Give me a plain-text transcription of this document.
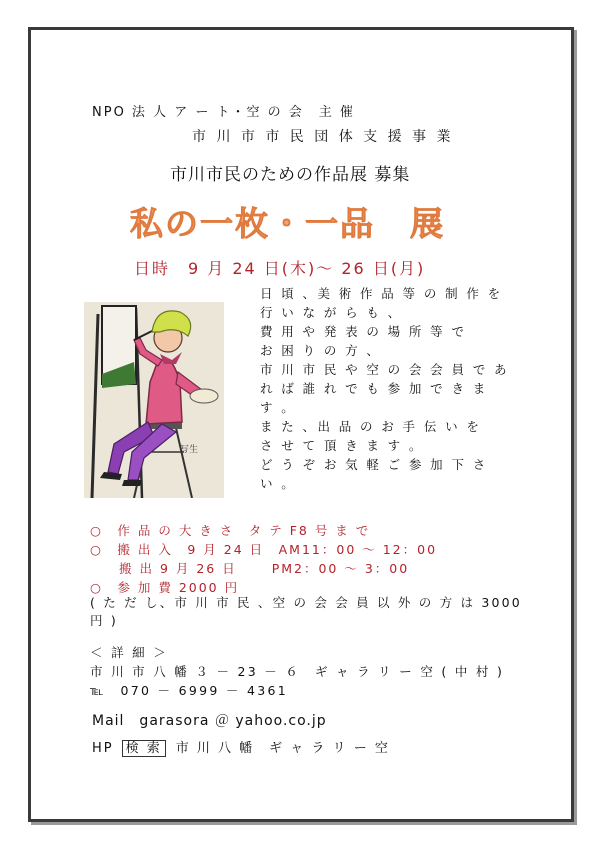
NPO 法 人 ア ー ト・空 の 会　主 催
市 川 市 市 民 団 体 支 援 事 業
市川市民のための作品展 募集
私の一枚・一品　展
日時　9 月 24 日(木)～ 26 日(月)
写生
日 頃 、美 術 作 品 等 の 制 作 を
行 い な が ら も 、
費 用 や 発 表 の 場 所 等 で
お 困 り の 方 、
市 川 市 民 や 空 の 会 会 員 で あ
れ ば 誰 れ で も 参 加 で き ま
す 。
ま た 、出 品 の お 手 伝 い を
さ せ て 頂 き ま す 。
ど う ぞ お 気 軽 ご 参 加 下 さ
い 。
○　作 品 の 大 き さ　タ テ F8 号 ま で
○　搬 出 入　9 月 24 日　AM11：00 ～ 12：00
　　搬 出 9 月 26 日　　 PM2：00 ～ 3：00
○　参 加 費 2000 円
( た だ し、市 川 市 民 、空 の 会 会 員 以 外 の 方 は 3000 円 )
＜ 詳 細 ＞
市 川 市 八 幡 ３ － 23 － ６　ギ ャ ラ リ ー 空 ( 中 村 )
℡　070 － 6999 － 4361
Mail　garasora ＠ yahoo.co.jp
HP 検 索 市 川 八 幡　ギ ャ ラ リ ー 空
